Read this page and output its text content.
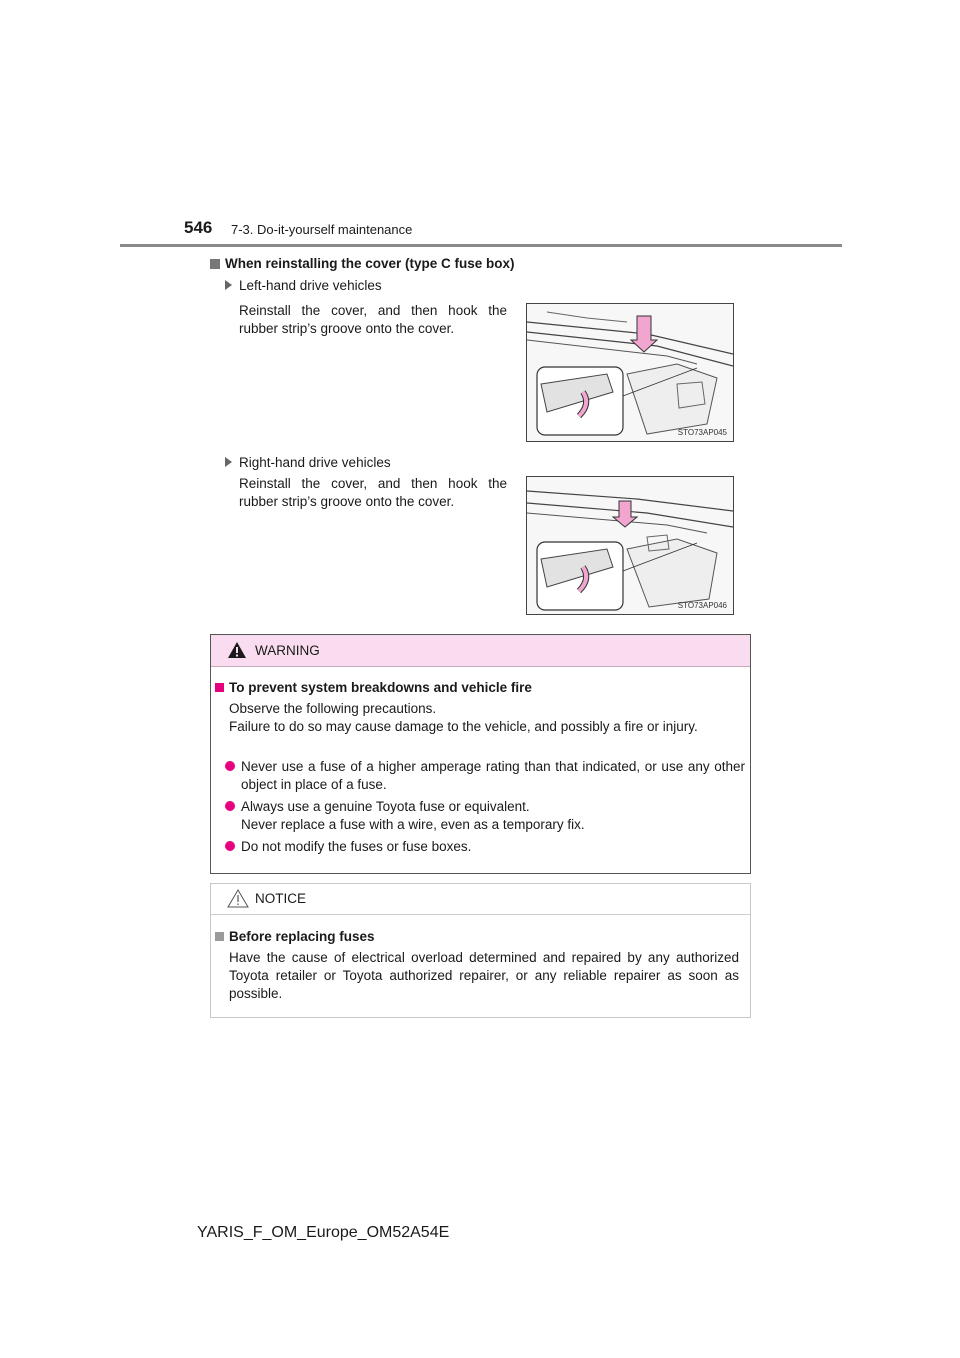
546 7-3. Do-it-yourself maintenance
When reinstalling the cover (type C fuse box)
Left-hand drive vehicles
Reinstall the cover, and then hook the rubber strip’s groove onto the cover.
STO73AP045
Right-hand drive vehicles
Reinstall the cover, and then hook the rubber strip’s groove onto the cover.
STO73AP046
WARNING
To prevent system breakdowns and vehicle fire
Observe the following precautions.
Failure to do so may cause damage to the vehicle, and possibly a fire or injury.
Never use a fuse of a higher amperage rating than that indicated, or use any other object in place of a fuse.
Always use a genuine Toyota fuse or equivalent.
Never replace a fuse with a wire, even as a temporary fix.
Do not modify the fuses or fuse boxes.
NOTICE
Before replacing fuses
Have the cause of electrical overload determined and repaired by any authorized Toyota retailer or Toyota authorized repairer, or any reliable repairer as soon as possible.
YARIS_F_OM_Europe_OM52A54E
